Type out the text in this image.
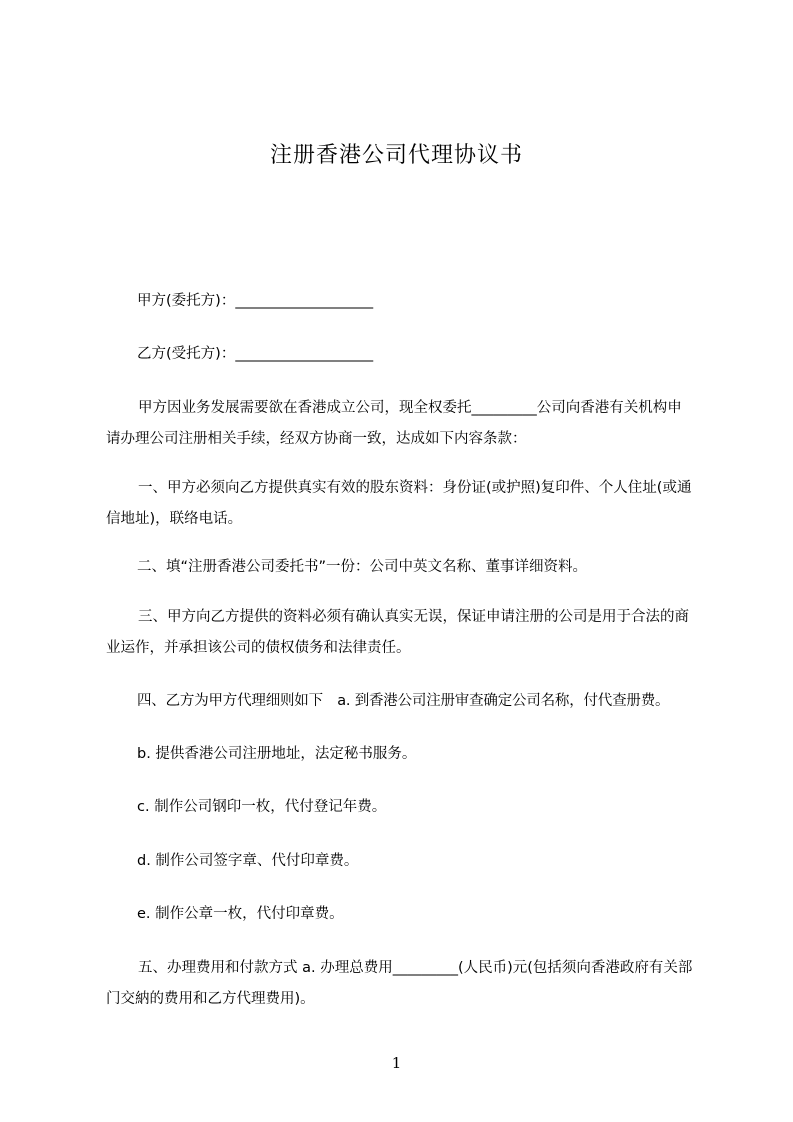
注册香港公司代理协议书
甲方(委托方)：___________________
乙方(受托方)：___________________
甲方因业务发展需要欲在香港成立公司，现全权委托_________公司向香港有关机构申请办理公司注册相关手续，经双方协商一致，达成如下内容条款：
一、甲方必须向乙方提供真实有效的股东资料：身份证(或护照)复印件、个人住址(或通信地址)，联络电话。
二、填“注册香港公司委托书”一份：公司中英文名称、董事详细资料。
三、甲方向乙方提供的资料必须有确认真实无误，保证申请注册的公司是用于合法的商业运作，并承担该公司的债权债务和法律责任。
四、乙方为甲方代理细则如下　a. 到香港公司注册审查确定公司名称，付代查册费。
b. 提供香港公司注册地址，法定秘书服务。
c. 制作公司钢印一枚，代付登记年费。
d. 制作公司签字章、代付印章费。
e. 制作公章一枚，代付印章费。
五、办理费用和付款方式 a. 办理总费用_________(人民币)元(包括须向香港政府有关部门交納的费用和乙方代理费用)。
1
